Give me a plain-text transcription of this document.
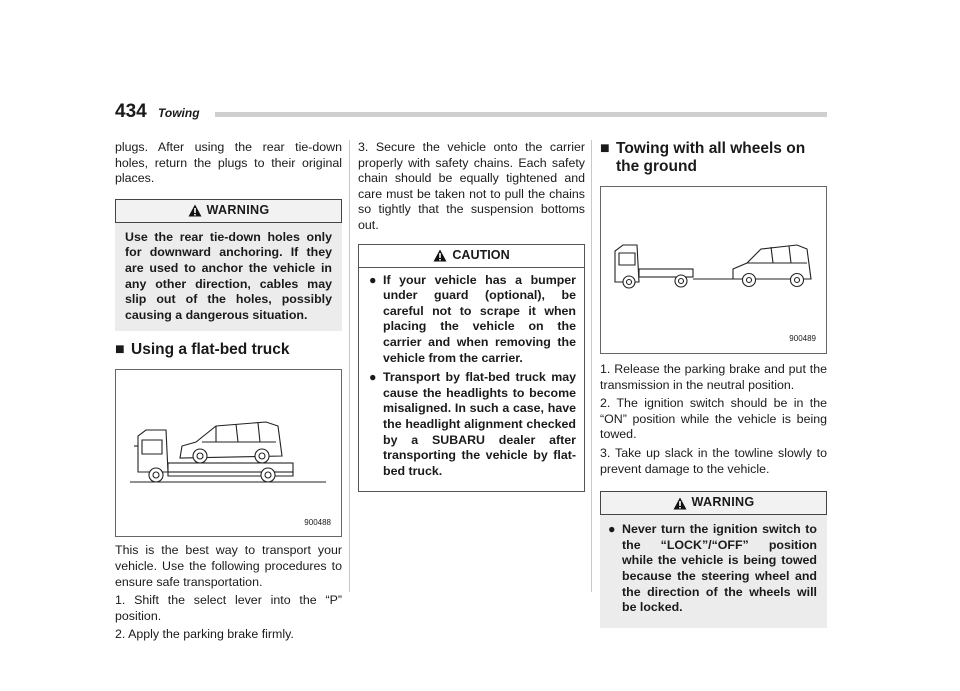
434 Towing

plugs. After using the rear tie-down holes, return the plugs to their original places.

WARNING
Use the rear tie-down holes only for downward anchoring. If they are used to anchor the vehicle in any other direction, cables may slip out of the holes, possibly causing a dangerous situation.
■ Using a flat-bed truck
900488

This is the best way to transport your vehicle. Use the following procedures to ensure safe transportation.

1. Shift the select lever into the “P” position.

2. Apply the parking brake firmly.

3. Secure the vehicle onto the carrier properly with safety chains. Each safety chain should be equally tightened and care must be taken not to pull the chains so tightly that the suspension bottoms out.

CAUTION
● If your vehicle has a bumper under guard (optional), be careful not to scrape it when placing the vehicle on the carrier and when removing the vehicle from the carrier.
● Transport by flat-bed truck may cause the headlights to become misaligned. In such a case, have the headlight alignment checked by a SUBARU dealer after transporting the vehicle by flat-bed truck.
■ Towing with all wheels on the ground
900489

1. Release the parking brake and put the transmission in the neutral position.

2. The ignition switch should be in the “ON” position while the vehicle is being towed.

3. Take up slack in the towline slowly to prevent damage to the vehicle.

WARNING
● Never turn the ignition switch to the “LOCK”/“OFF” position while the vehicle is being towed because the steering wheel and the direction of the wheels will be locked.
